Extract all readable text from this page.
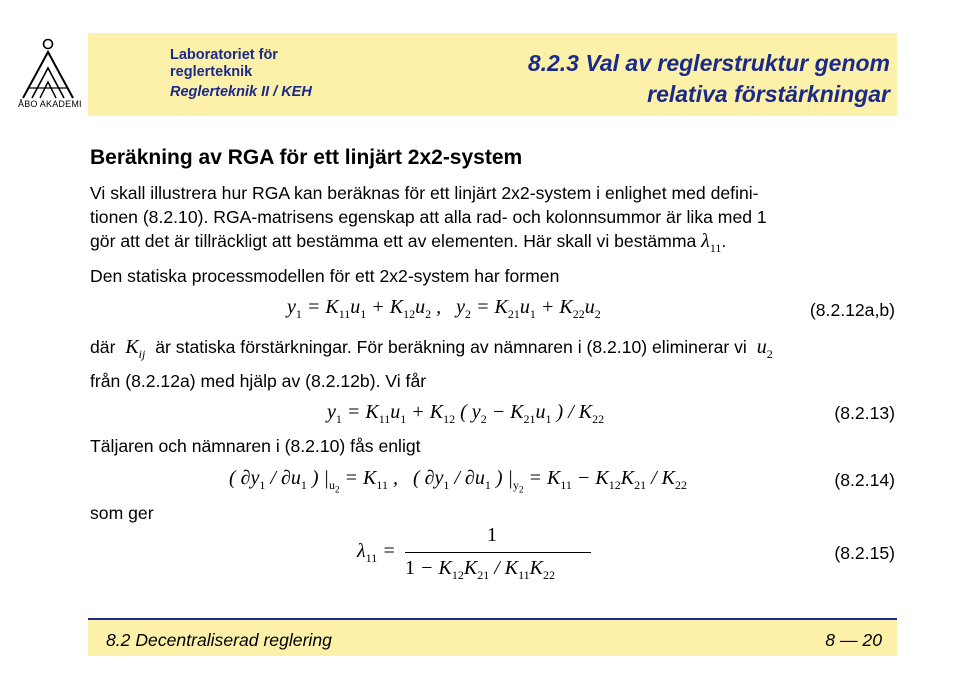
ÅBO AKADEMI
Laboratoriet för
reglerteknik
Reglerteknik II / KEH
8.2.3 Val av reglerstruktur genom
relativa förstärkningar
Beräkning av RGA för ett linjärt 2x2-system
Vi skall illustrera hur RGA kan beräknas för ett linjärt 2x2-system i enlighet med defini-
tionen (8.2.10). RGA-matrisens egenskap att alla rad- och kolonnsummor är lika med 1
gör att det är tillräckligt att bestämma ett av elementen. Här skall vi bestämma $\lambda_{11}$.
Den statiska processmodellen för ett 2x2-system har formen
$y_1 = K_{11}u_1 + K_{12}u_2$ ,   $y_2 = K_{21}u_1 + K_{22}u_2$	(8.2.12a,b)
där  $K_{ij}$ är statiska förstärkningar. För beräkning av nämnaren i (8.2.10) eliminerar vi  $u_2$
från (8.2.12a) med hjälp av (8.2.12b). Vi får
$y_1 = K_{11}u_1 + K_{12}$ ( $y_2 - K_{21}u_1$ ) / $K_{22}$	(8.2.13)
Täljaren och nämnaren i (8.2.10) fås enligt
( $\partial y_1 / \partial u_1$ ) $|_{u_2} = K_{11}$ ,   ( $\partial y_1 / \partial u_1$ ) $|_{y_2} = K_{11} - K_{12}K_{21} / K_{22}$	(8.2.14)
som ger
$\lambda_{11}$ =
1
$1 - K_{12}K_{21} / K_{11}K_{22}$
(8.2.15)
8.2 Decentraliserad reglering	8 — 20
